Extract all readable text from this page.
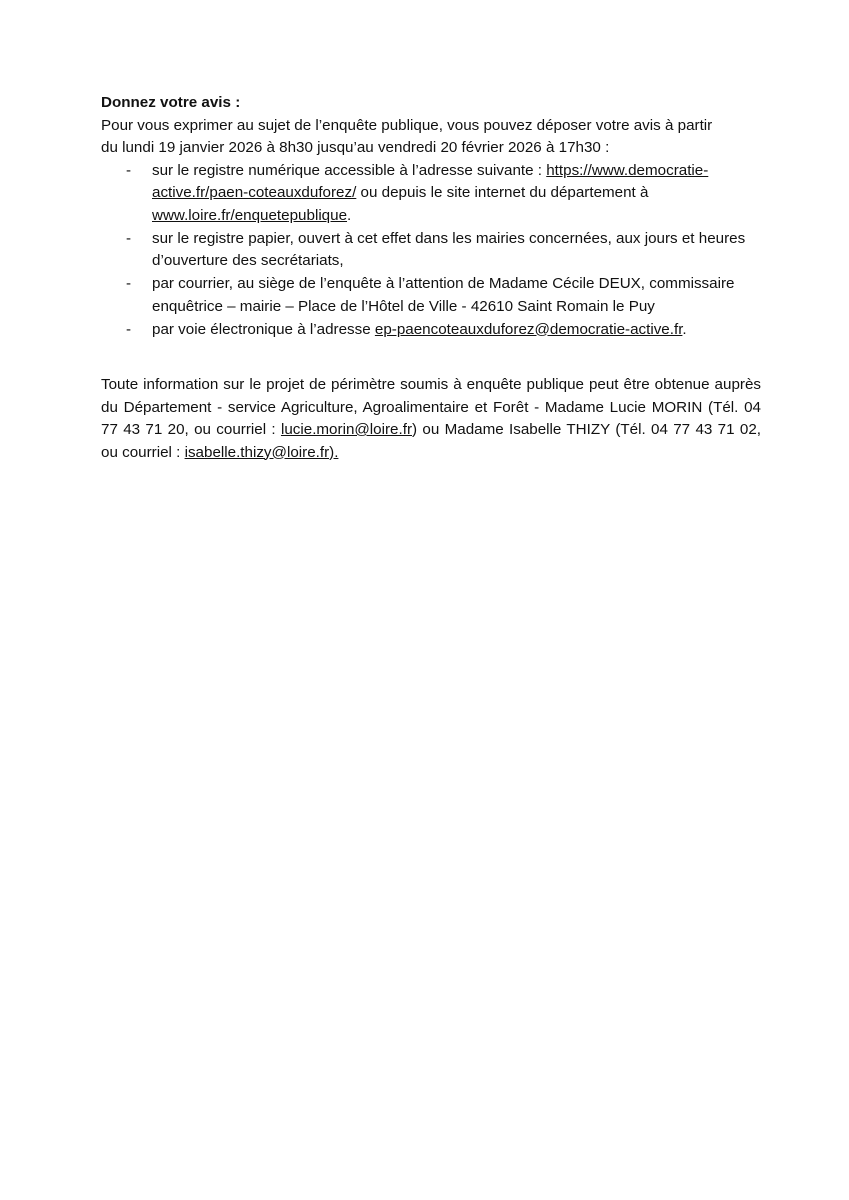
Donnez votre avis :

Pour vous exprimer au sujet de l’enquête publique, vous pouvez déposer votre avis à partir
du lundi 19 janvier 2026 à 8h30 jusqu’au vendredi 20 février 2026 à 17h30 :

- sur le registre numérique accessible à l’adresse suivante : https://www.democratie-active.fr/paen-coteauxduforez/ ou depuis le site internet du département à www.loire.fr/enquetepublique.
- sur le registre papier, ouvert à cet effet dans les mairies concernées, aux jours et heures d’ouverture des secrétariats,
- par courrier, au siège de l’enquête à l’attention de Madame Cécile DEUX, commissaire enquêtrice – mairie – Place de l’Hôtel de Ville - 42610 Saint Romain le Puy
- par voie électronique à l’adresse ep-paencoteauxduforez@democratie-active.fr.

Toute information sur le projet de périmètre soumis à enquête publique peut être obtenue auprès du Département - service Agriculture, Agroalimentaire et Forêt - Madame Lucie MORIN (Tél. 04 77 43 71 20, ou courriel : lucie.morin@loire.fr) ou Madame Isabelle THIZY (Tél. 04 77 43 71 02, ou courriel : isabelle.thizy@loire.fr).
